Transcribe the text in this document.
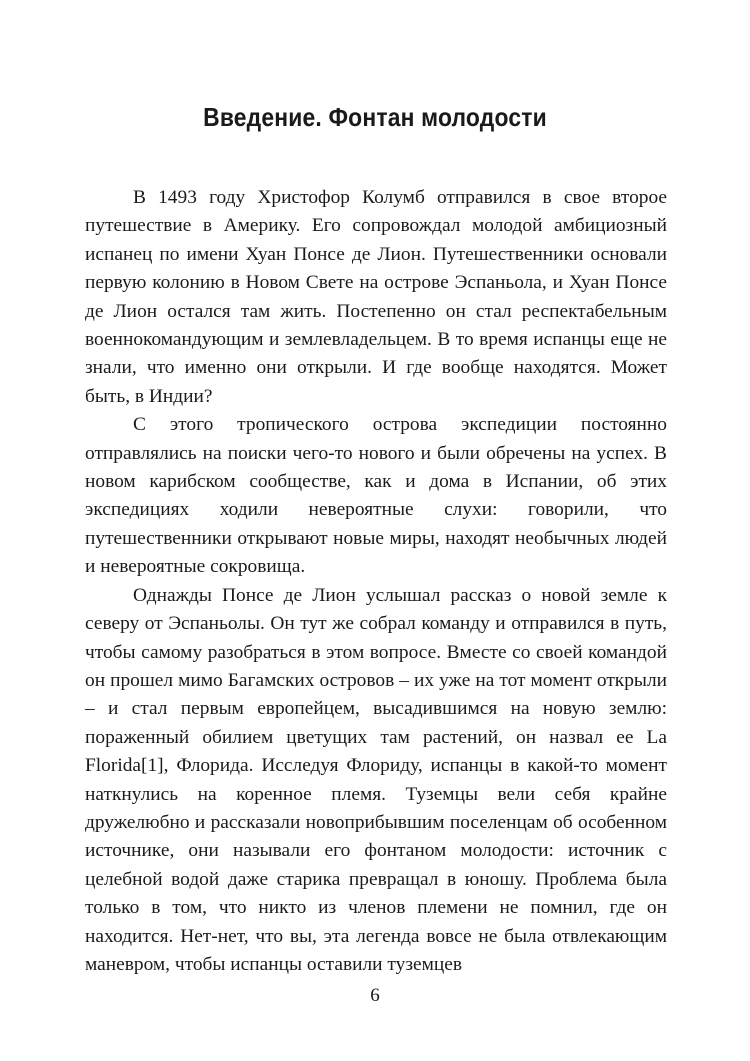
Введение. Фонтан молодости

В 1493 году Христофор Колумб отправился в свое второе путешествие в Америку. Его сопровождал молодой амбициозный испанец по имени Хуан Понсе де Лион. Путешественники основали первую колонию в Новом Свете на острове Эспаньола, и Хуан Понсе де Лион остался там жить. Постепенно он стал респектабельным военнокомандующим и землевладельцем. В то время испанцы еще не знали, что именно они открыли. И где вообще находятся. Может быть, в Индии?

С этого тропического острова экспедиции постоянно отправлялись на поиски чего-то нового и были обречены на успех. В новом карибском сообществе, как и дома в Испании, об этих экспедициях ходили невероятные слухи: говорили, что путешественники открывают новые миры, находят необычных людей и невероятные сокровища.

Однажды Понсе де Лион услышал рассказ о новой земле к северу от Эспаньолы. Он тут же собрал команду и отправился в путь, чтобы самому разобраться в этом вопросе. Вместе со своей командой он прошел мимо Багамских островов – их уже на тот момент открыли – и стал первым европейцем, высадившимся на новую землю: пораженный обилием цветущих там растений, он назвал ее La Florida[1], Флорида. Исследуя Флориду, испанцы в какой-то момент наткнулись на коренное племя. Туземцы вели себя крайне дружелюбно и рассказали новоприбывшим поселенцам об особенном источнике, они называли его фонтаном молодости: источник с целебной водой даже старика превращал в юношу. Проблема была только в том, что никто из членов племени не помнил, где он находится. Нет-нет, что вы, эта легенда вовсе не была отвлекающим маневром, чтобы испанцы оставили туземцев

6
